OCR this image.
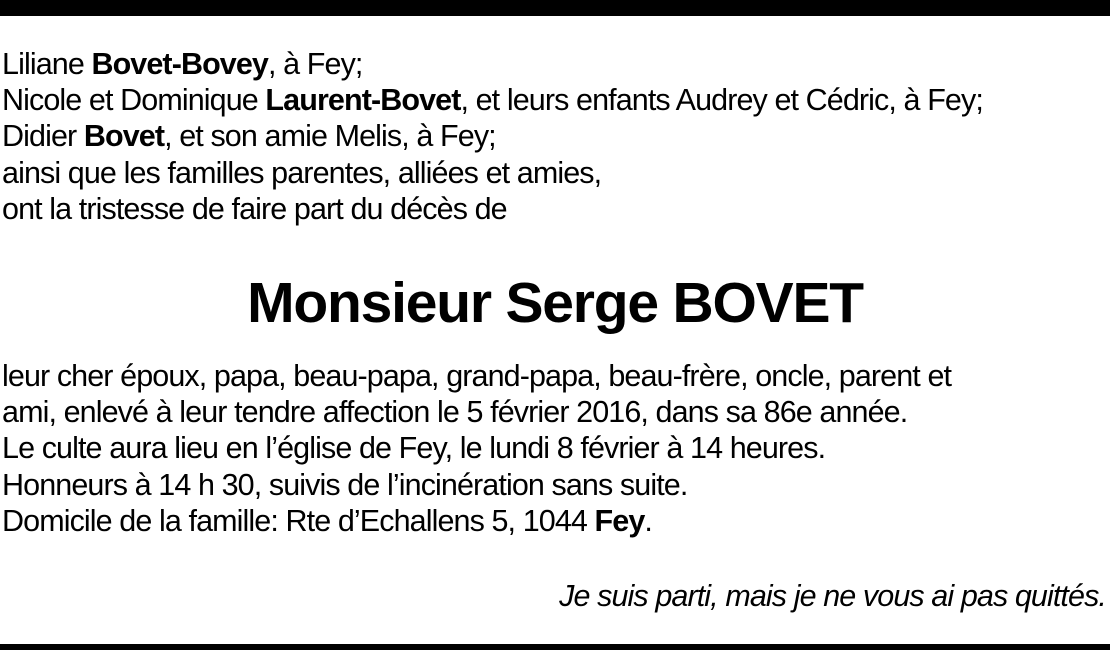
Liliane Bovet-Bovey, à Fey;
Nicole et Dominique Laurent-Bovet, et leurs enfants Audrey et Cédric, à Fey;
Didier Bovet, et son amie Melis, à Fey;
ainsi que les familles parentes, alliées et amies,
ont la tristesse de faire part du décès de
Monsieur Serge BOVET
leur cher époux, papa, beau-papa, grand-papa, beau-frère, oncle, parent et
ami, enlevé à leur tendre affection le 5 février 2016, dans sa 86e année.
Le culte aura lieu en l’église de Fey, le lundi 8 février à 14 heures.
Honneurs à 14 h 30, suivis de l’incinération sans suite.
Domicile de la famille: Rte d’Echallens 5, 1044 Fey.
Je suis parti, mais je ne vous ai pas quittés.
